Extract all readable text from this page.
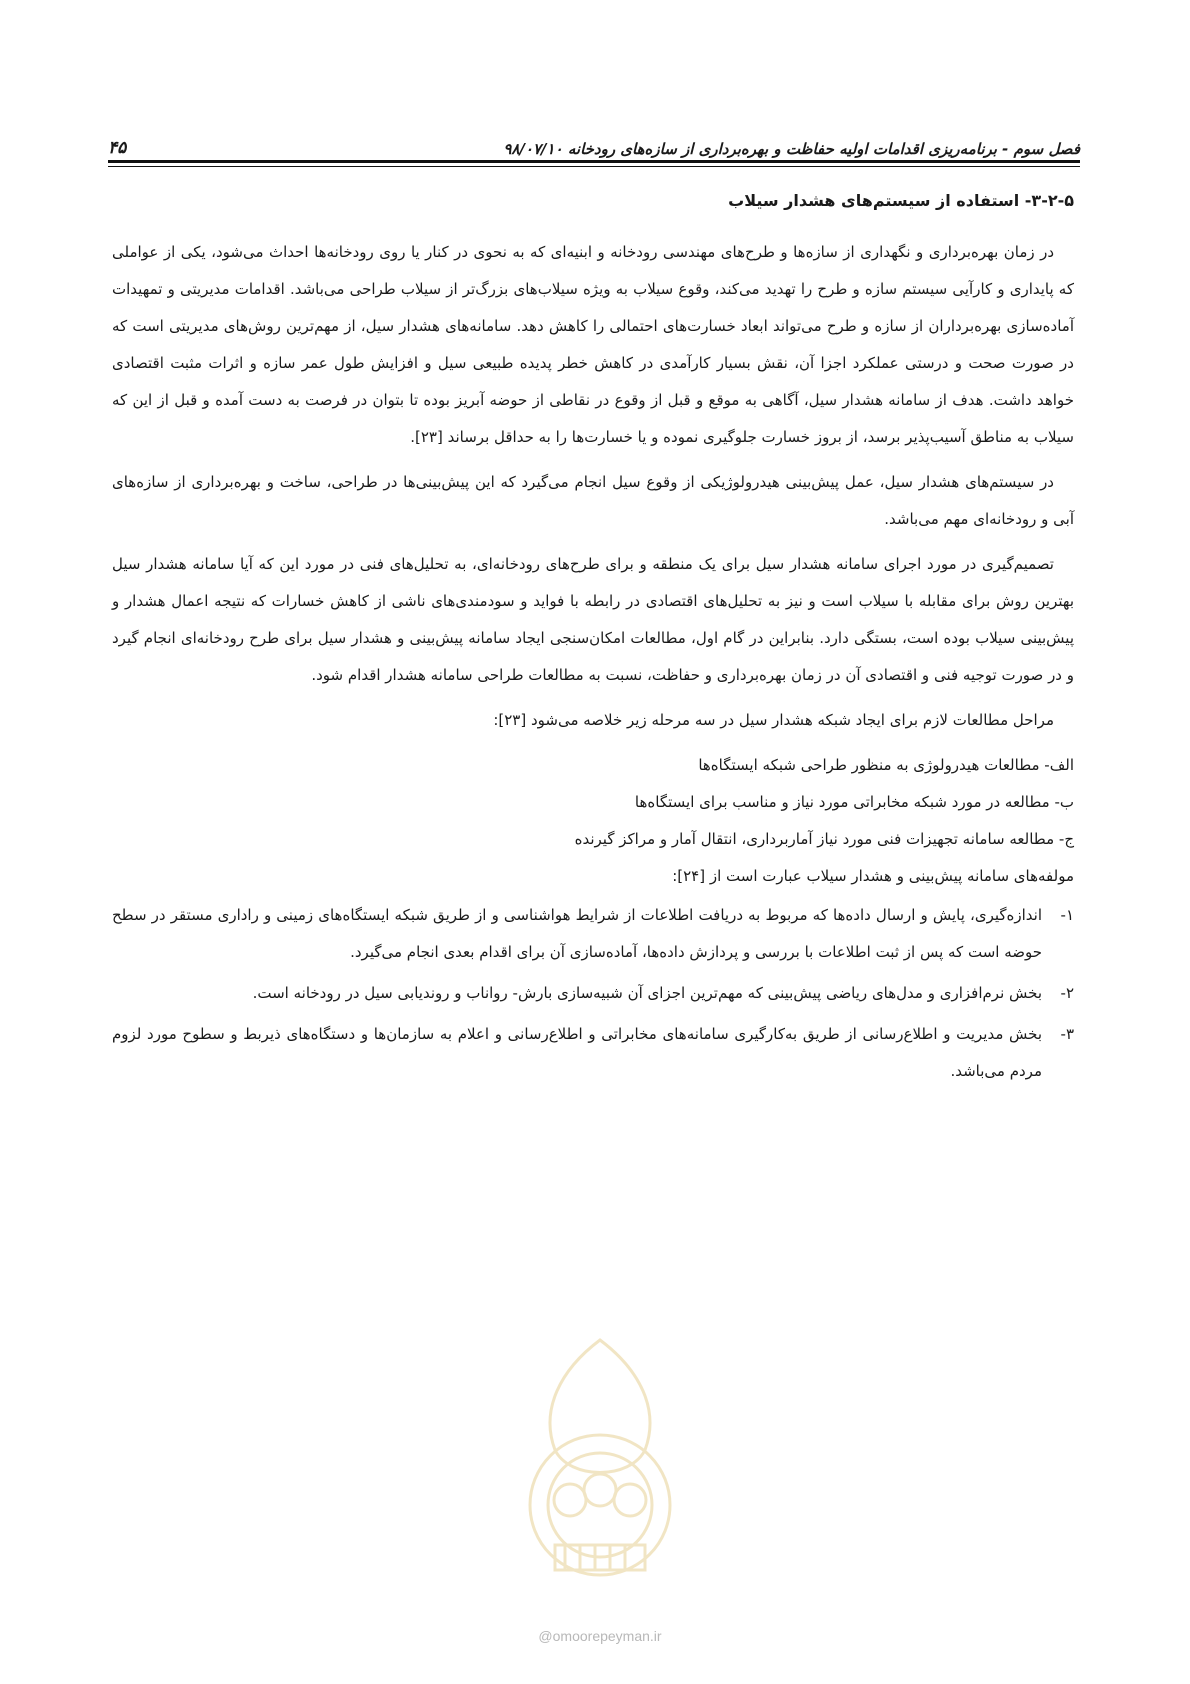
فصل سوم - برنامه‌ریزی اقدامات اولیه حفاظت و بهره‌برداری از سازه‌های رودخانه ۹۸/۰۷/۱۰
۴۵
۳-۲-۵- استفاده از سیستم‌های هشدار سیلاب

در زمان بهره‌برداری و نگهداری از سازه‌ها و طرح‌های مهندسی رودخانه و ابنیه‌ای که به نحوی در کنار یا روی رودخانه‌ها احداث می‌شود، یکی از عواملی که پایداری و کارآیی سیستم سازه و طرح را تهدید می‌کند، وقوع سیلاب به ویژه سیلاب‌های بزرگ‌تر از سیلاب طراحی می‌باشد. اقدامات مدیریتی و تمهیدات آماده‌سازی بهره‌برداران از سازه و طرح می‌تواند ابعاد خسارت‌های احتمالی را کاهش دهد. سامانه‌های هشدار سیل، از مهم‌ترین روش‌های مدیریتی است که در صورت صحت و درستی عملکرد اجزا آن، نقش بسیار کارآمدی در کاهش خطر پدیده طبیعی سیل و افزایش طول عمر سازه و اثرات مثبت اقتصادی خواهد داشت. هدف از سامانه هشدار سیل، آگاهی به موقع و قبل از وقوع در نقاطی از حوضه آبریز بوده تا بتوان در فرصت به دست آمده و قبل از این که سیلاب به مناطق آسیب‌پذیر برسد، از بروز خسارت جلوگیری نموده و یا خسارت‌ها را به حداقل برساند [۲۳].

در سیستم‌های هشدار سیل، عمل پیش‌بینی هیدرولوژیکی از وقوع سیل انجام می‌گیرد که این پیش‌بینی‌ها در طراحی، ساخت و بهره‌برداری از سازه‌های آبی و رودخانه‌ای مهم می‌باشد.

تصمیم‌گیری در مورد اجرای سامانه هشدار سیل برای یک منطقه و برای طرح‌های رودخانه‌ای، به تحلیل‌های فنی در مورد این که آیا سامانه هشدار سیل بهترین روش برای مقابله با سیلاب است و نیز به تحلیل‌های اقتصادی در رابطه با فواید و سودمندی‌های ناشی از کاهش خسارات که نتیجه اعمال هشدار و پیش‌بینی سیلاب بوده است، بستگی دارد. بنابراین در گام اول، مطالعات امکان‌سنجی ایجاد سامانه پیش‌بینی و هشدار سیل برای طرح رودخانه‌ای انجام گیرد و در صورت توجیه فنی و اقتصادی آن در زمان بهره‌برداری و حفاظت، نسبت به مطالعات طراحی سامانه هشدار اقدام شود.

مراحل مطالعات لازم برای ایجاد شبکه هشدار سیل در سه مرحله زیر خلاصه می‌شود [۲۳]:

الف- مطالعات هیدرولوژی به منظور طراحی شبکه ایستگاه‌ها
ب- مطالعه در مورد شبکه مخابراتی مورد نیاز و مناسب برای ایستگاه‌ها
ج- مطالعه سامانه تجهیزات فنی مورد نیاز آماربرداری، انتقال آمار و مراکز گیرنده

مولفه‌های سامانه پیش‌بینی و هشدار سیلاب عبارت است از [۲۴]:

۱-
اندازه‌گیری، پایش و ارسال داده‌ها که مربوط به دریافت اطلاعات از شرایط هواشناسی و از طریق شبکه ایستگاه‌های زمینی و راداری مستقر در سطح حوضه است که پس از ثبت اطلاعات با بررسی و پردازش داده‌ها، آماده‌سازی آن برای اقدام بعدی انجام می‌گیرد.
۲-
بخش نرم‌افزاری و مدل‌های ریاضی پیش‌بینی که مهم‌ترین اجزای آن شبیه‌سازی بارش- رواناب و روندیابی سیل در رودخانه است.
۳-
بخش مدیریت و اطلاع‌رسانی از طریق به‌کارگیری سامانه‌های مخابراتی و اطلاع‌رسانی و اعلام به سازمان‌ها و دستگاه‌های ذیربط و سطوح مورد لزوم مردم می‌باشد.
@omoorepeyman.ir
